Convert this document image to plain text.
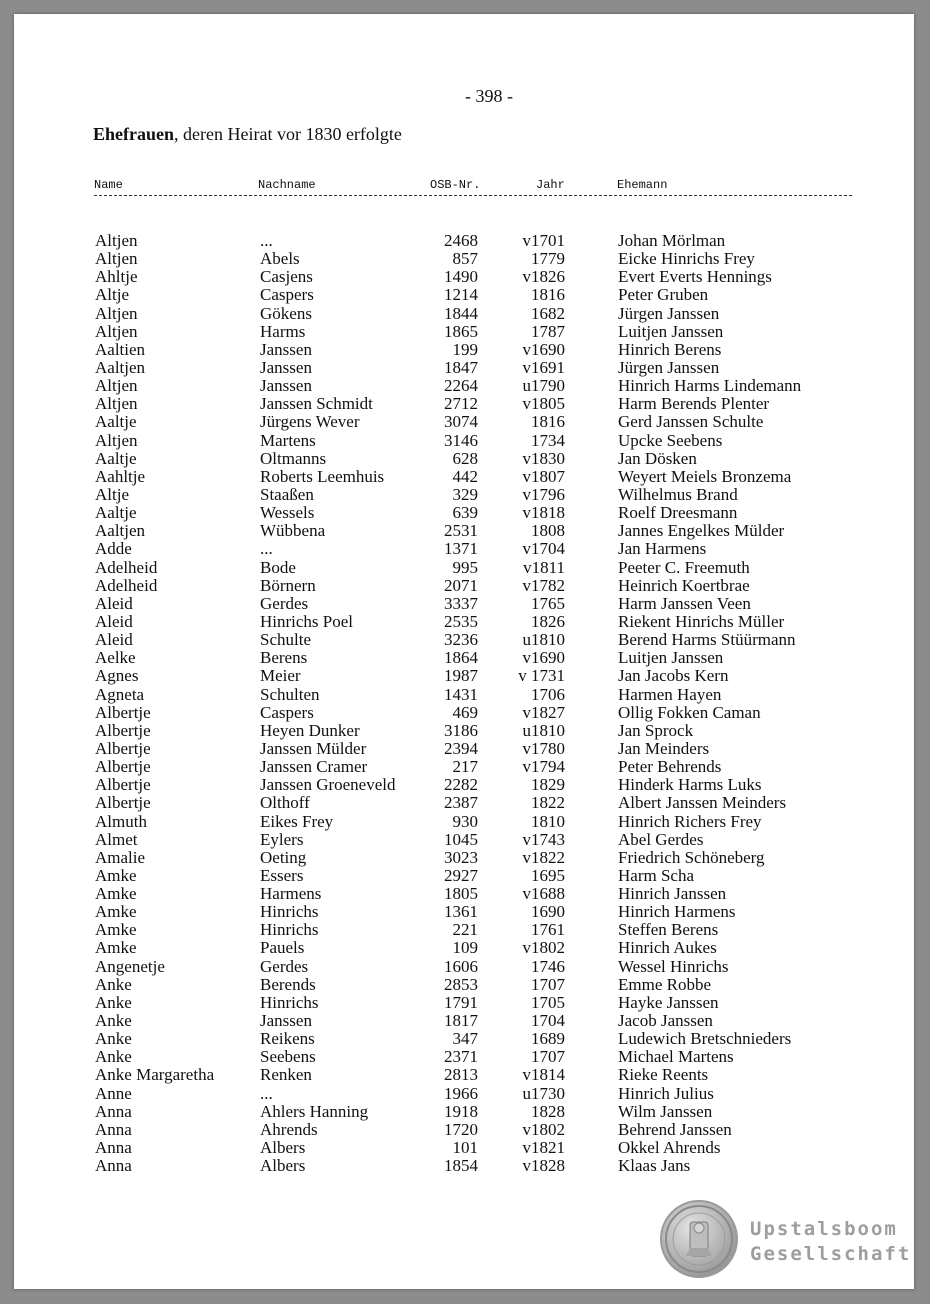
- 398 -
Ehefrauen, deren Heirat vor 1830 erfolgte
Name	Nachname	OSB-Nr.	Jahr	Ehemann
Altjen	...	2468	v1701	Johan Mörlman
Altjen	Abels	857	1779	Eicke Hinrichs Frey
Ahltje	Casjens	1490	v1826	Evert Everts Hennings
Altje	Caspers	1214	1816	Peter Gruben
Altjen	Gökens	1844	1682	Jürgen Janssen
Altjen	Harms	1865	1787	Luitjen Janssen
Aaltien	Janssen	199	v1690	Hinrich Berens
Aaltjen	Janssen	1847	v1691	Jürgen Janssen
Altjen	Janssen	2264	u1790	Hinrich Harms Lindemann
Altjen	Janssen Schmidt	2712	v1805	Harm Berends Plenter
Aaltje	Jürgens Wever	3074	1816	Gerd Janssen Schulte
Altjen	Martens	3146	1734	Upcke Seebens
Aaltje	Oltmanns	628	v1830	Jan Dösken
Aahltje	Roberts Leemhuis	442	v1807	Weyert Meiels Bronzema
Altje	Staaßen	329	v1796	Wilhelmus Brand
Aaltje	Wessels	639	v1818	Roelf Dreesmann
Aaltjen	Wübbena	2531	1808	Jannes Engelkes Mülder
Adde	...	1371	v1704	Jan Harmens
Adelheid	Bode	995	v1811	Peeter C. Freemuth
Adelheid	Börnern	2071	v1782	Heinrich Koertbrae
Aleid	Gerdes	3337	1765	Harm Janssen Veen
Aleid	Hinrichs Poel	2535	1826	Riekent Hinrichs Müller
Aleid	Schulte	3236	u1810	Berend Harms Stüürmann
Aelke	Berens	1864	v1690	Luitjen Janssen
Agnes	Meier	1987	v 1731	Jan Jacobs Kern
Agneta	Schulten	1431	1706	Harmen Hayen
Albertje	Caspers	469	v1827	Ollig Fokken Caman
Albertje	Heyen Dunker	3186	u1810	Jan Sprock
Albertje	Janssen Mülder	2394	v1780	Jan Meinders
Albertje	Janssen Cramer	217	v1794	Peter Behrends
Albertje	Janssen Groeneveld	2282	1829	Hinderk Harms Luks
Albertje	Olthoff	2387	1822	Albert Janssen Meinders
Almuth	Eikes Frey	930	1810	Hinrich Richers Frey
Almet	Eylers	1045	v1743	Abel Gerdes
Amalie	Oeting	3023	v1822	Friedrich Schöneberg
Amke	Essers	2927	1695	Harm Scha
Amke	Harmens	1805	v1688	Hinrich Janssen
Amke	Hinrichs	1361	1690	Hinrich Harmens
Amke	Hinrichs	221	1761	Steffen Berens
Amke	Pauels	109	v1802	Hinrich Aukes
Angenetje	Gerdes	1606	1746	Wessel Hinrichs
Anke	Berends	2853	1707	Emme Robbe
Anke	Hinrichs	1791	1705	Hayke Janssen
Anke	Janssen	1817	1704	Jacob Janssen
Anke	Reikens	347	1689	Ludewich Bretschnieders
Anke	Seebens	2371	1707	Michael Martens
Anke Margaretha	Renken	2813	v1814	Rieke Reents
Anne	...	1966	u1730	Hinrich Julius
Anna	Ahlers Hanning	1918	1828	Wilm Janssen
Anna	Ahrends	1720	v1802	Behrend Janssen
Anna	Albers	101	v1821	Okkel Ahrends
Anna	Albers	1854	v1828	Klaas Jans
Upstalsboom
Gesellschaft
